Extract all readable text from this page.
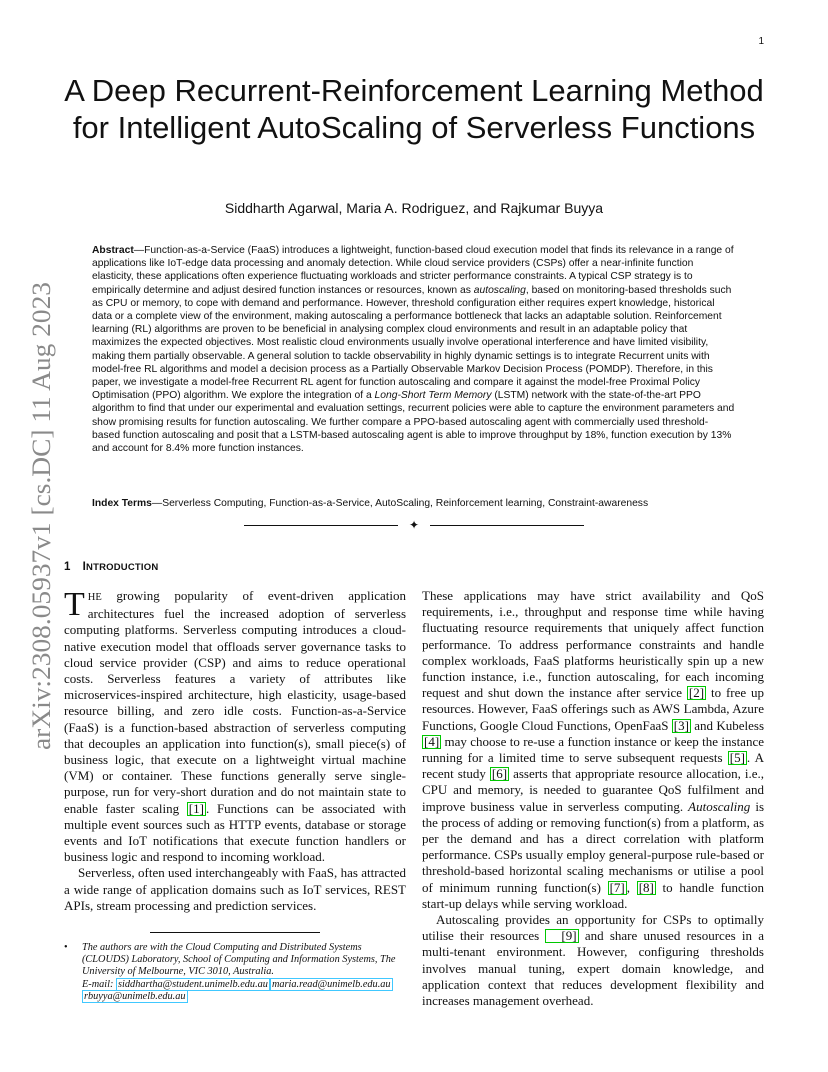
1
arXiv:2308.05937v1 [cs.DC] 11 Aug 2023
A Deep Recurrent-Reinforcement Learning Method for Intelligent AutoScaling of Serverless Functions
Siddharth Agarwal, Maria A. Rodriguez, and Rajkumar Buyya

Abstract—Function-as-a-Service (FaaS) introduces a lightweight, function-based cloud execution model that finds its relevance in a range of applications like IoT-edge data processing and anomaly detection. While cloud service providers (CSPs) offer a near-infinite function elasticity, these applications often experience fluctuating workloads and stricter performance constraints. A typical CSP strategy is to empirically determine and adjust desired function instances or resources, known as autoscaling, based on monitoring-based thresholds such as CPU or memory, to cope with demand and performance. However, threshold configuration either requires expert knowledge, historical data or a complete view of the environment, making autoscaling a performance bottleneck that lacks an adaptable solution. Reinforcement learning (RL) algorithms are proven to be beneficial in analysing complex cloud environments and result in an adaptable policy that maximizes the expected objectives. Most realistic cloud environments usually involve operational interference and have limited visibility, making them partially observable. A general solution to tackle observability in highly dynamic settings is to integrate Recurrent units with model-free RL algorithms and model a decision process as a Partially Observable Markov Decision Process (POMDP). Therefore, in this paper, we investigate a model-free Recurrent RL agent for function autoscaling and compare it against the model-free Proximal Policy Optimisation (PPO) algorithm. We explore the integration of a Long-Short Term Memory (LSTM) network with the state-of-the-art PPO algorithm to find that under our experimental and evaluation settings, recurrent policies were able to capture the environment parameters and show promising results for function autoscaling. We further compare a PPO-based autoscaling agent with commercially used threshold-based function autoscaling and posit that a LSTM-based autoscaling agent is able to improve throughput by 18%, function execution by 13% and account for 8.4% more function instances.

Index Terms—Serverless Computing, Function-as-a-Service, AutoScaling, Reinforcement learning, Constraint-awareness

✦
1 INTRODUCTION

THE growing popularity of event-driven application architectures fuel the increased adoption of serverless computing platforms. Serverless computing introduces a cloud-native execution model that offloads server governance tasks to cloud service provider (CSP) and aims to reduce operational costs. Serverless features a variety of attributes like microservices-inspired architecture, high elasticity, usage-based resource billing, and zero idle costs. Function-as-a-Service (FaaS) is a function-based abstraction of serverless computing that decouples an application into function(s), small piece(s) of business logic, that execute on a lightweight virtual machine (VM) or container. These functions generally serve single-purpose, run for very-short duration and do not maintain state to enable faster scaling [1] . Functions can be associated with multiple event sources such as HTTP events, database or storage events and IoT notifications that execute function handlers or business logic and respond to incoming workload.

Serverless, often used interchangeably with FaaS, has attracted a wide range of application domains such as IoT services, REST APIs, stream processing and prediction services.

These applications may have strict availability and QoS requirements, i.e., throughput and response time while having fluctuating resource requirements that uniquely affect function performance. To address performance constraints and handle complex workloads, FaaS platforms heuristically spin up a new function instance, i.e., function autoscaling, for each incoming request and shut down the instance after service [2] to free up resources. However, FaaS offerings such as AWS Lambda, Azure Functions, Google Cloud Functions, OpenFaaS [3] and Kubeless [4] may choose to re-use a function instance or keep the instance running for a limited time to serve subsequent requests [5] . A recent study [6] asserts that appropriate resource allocation, i.e., CPU and memory, is needed to guarantee QoS fulfilment and improve business value in serverless computing. Autoscaling is the process of adding or removing function(s) from a platform, as per the demand and has a direct correlation with platform performance. CSPs usually employ general-purpose rule-based or threshold-based horizontal scaling mechanisms or utilise a pool of minimum running function(s) [7] , [8] to handle function start-up delays while serving workload.

Autoscaling provides an opportunity for CSPs to optimally utilise their resources [9] and share unused resources in a multi-tenant environment. However, configuring thresholds involves manual tuning, expert domain knowledge, and application context that reduces development flexibility and increases management overhead.

• The authors are with the Cloud Computing and Distributed Systems (CLOUDS) Laboratory, School of Computing and Information Systems, The University of Melbourne, VIC 3010, Australia.
E-mail: siddhartha@student.unimelb.edu.au maria.read@unimelb.edu.au
rbuyya@unimelb.edu.au
